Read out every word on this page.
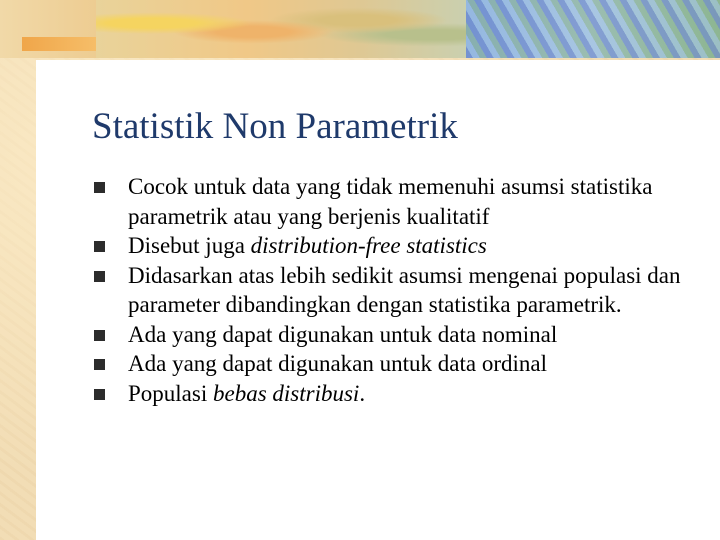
Statistik Non Parametrik
Cocok untuk data yang tidak memenuhi asumsi statistika parametrik atau yang berjenis kualitatif
Disebut juga distribution-free statistics
Didasarkan atas lebih sedikit asumsi mengenai populasi dan parameter dibandingkan dengan statistika parametrik.
Ada yang dapat digunakan untuk data nominal
Ada yang dapat digunakan untuk data ordinal
Populasi bebas distribusi.
